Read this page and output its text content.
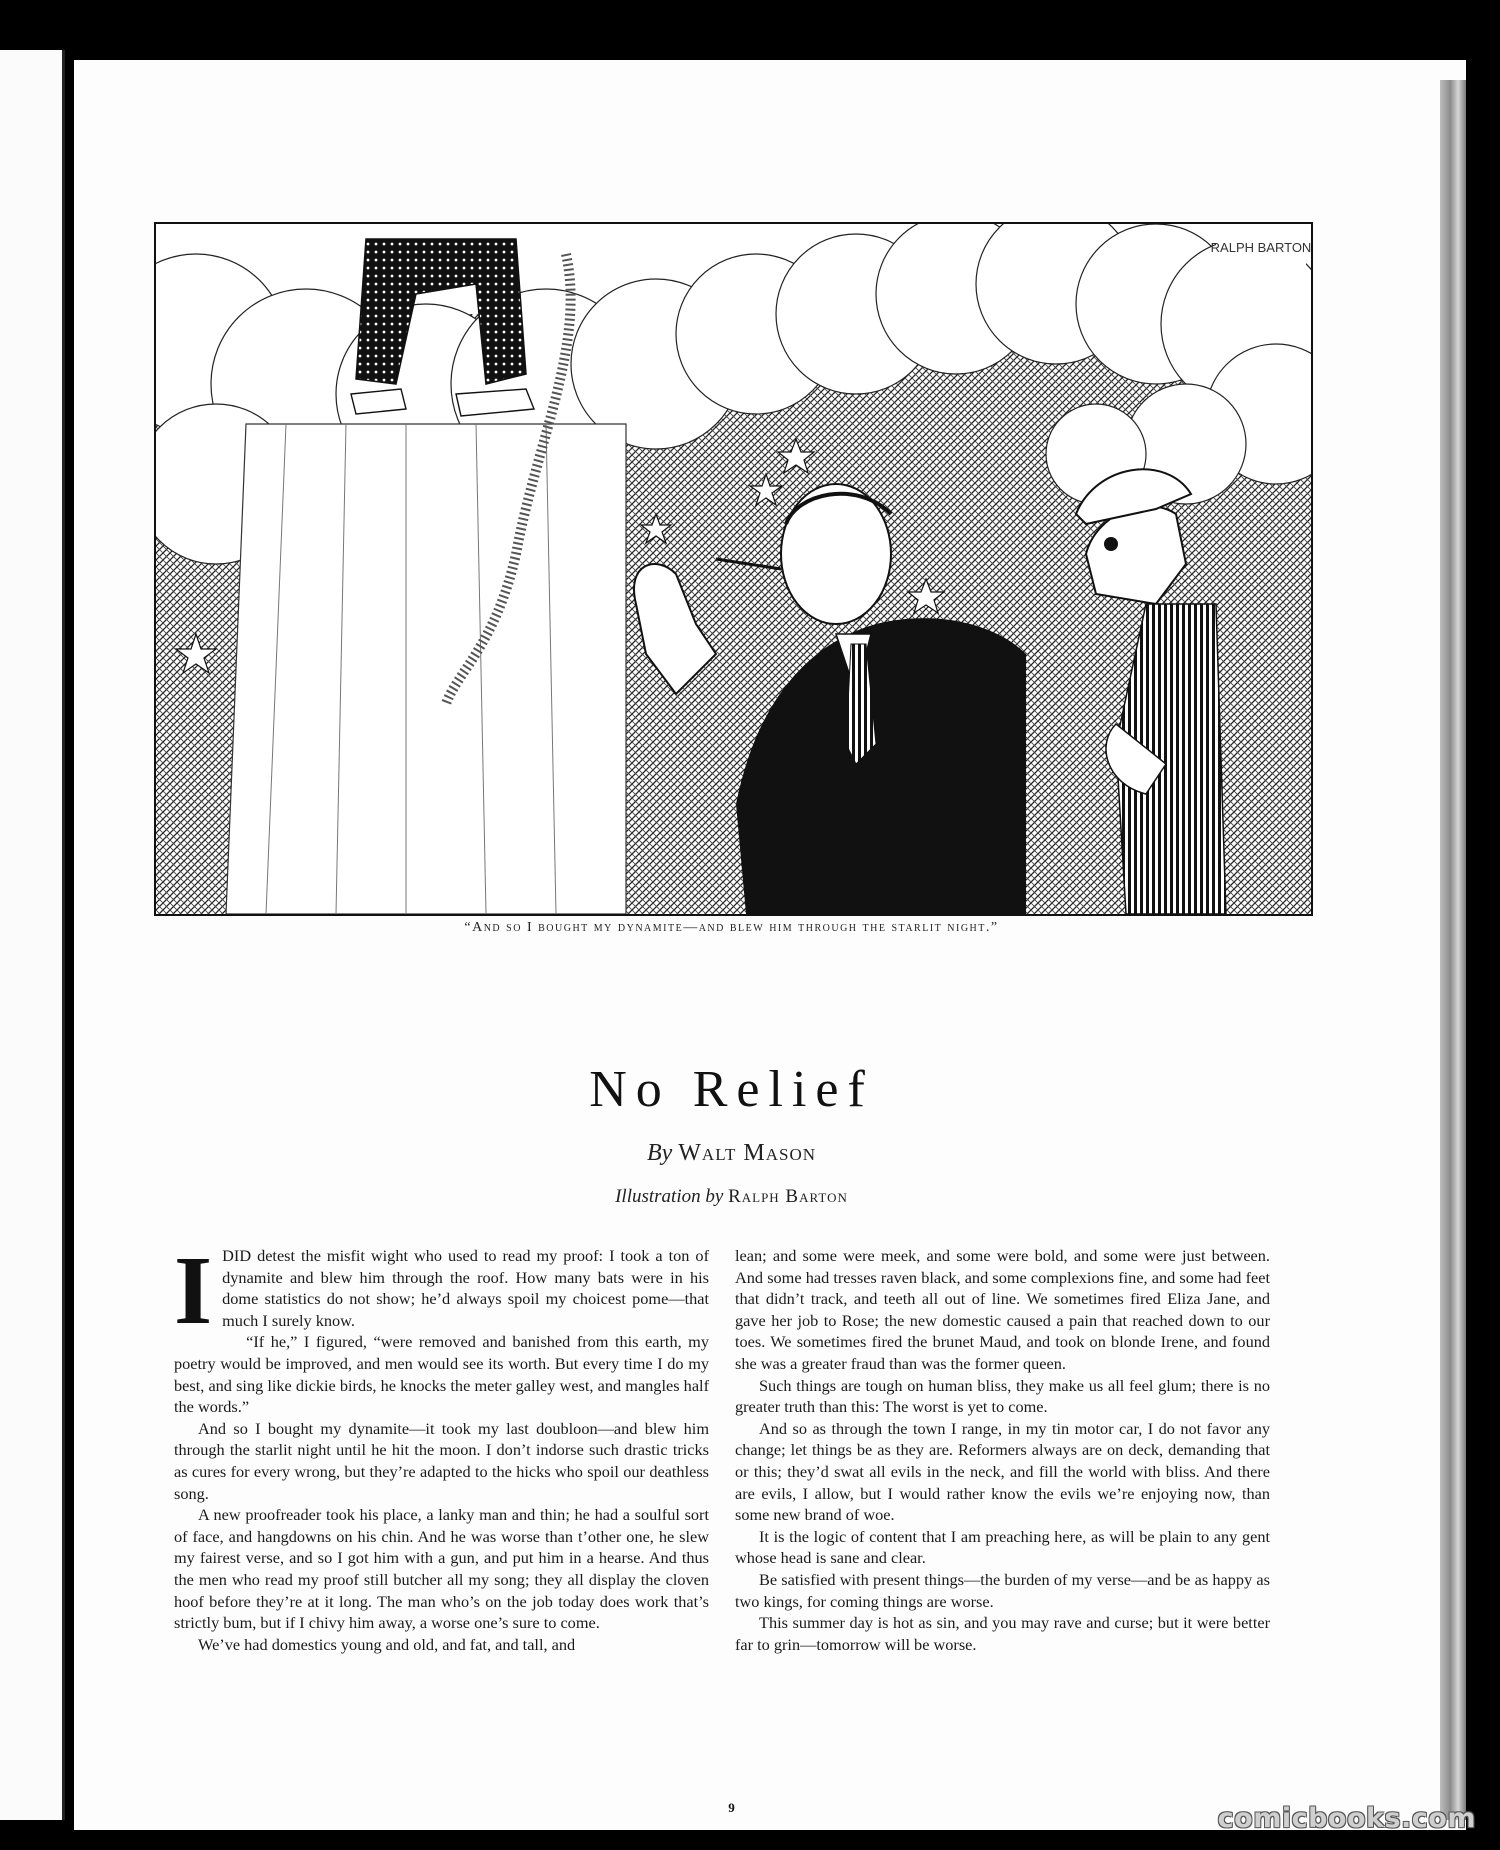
RALPH BARTON
“And so I bought my dynamite—and blew him through the starlit night.”
No Relief
By Walt Mason
Illustration by Ralph Barton

I DID detest the misfit wight who used to read my proof: I took a ton of dynamite and blew him through the roof. How many bats were in his dome statistics do not show; he’d always spoil my choicest pome—that much I surely know.

“If he,” I figured, “were removed and banished from this earth, my poetry would be improved, and men would see its worth. But every time I do my best, and sing like dickie birds, he knocks the meter galley west, and mangles half the words.”

And so I bought my dynamite—it took my last doubloon—and blew him through the starlit night until he hit the moon. I don’t indorse such drastic tricks as cures for every wrong, but they’re adapted to the hicks who spoil our deathless song.

A new proofreader took his place, a lanky man and thin; he had a soulful sort of face, and hangdowns on his chin. And he was worse than t’other one, he slew my fairest verse, and so I got him with a gun, and put him in a hearse. And thus the men who read my proof still butcher all my song; they all display the cloven hoof before they’re at it long. The man who’s on the job today does work that’s strictly bum, but if I chivy him away, a worse one’s sure to come.

We’ve had domestics young and old, and fat, and tall, and

lean; and some were meek, and some were bold, and some were just between. And some had tresses raven black, and some complexions fine, and some had feet that didn’t track, and teeth all out of line. We sometimes fired Eliza Jane, and gave her job to Rose; the new domestic caused a pain that reached down to our toes. We sometimes fired the brunet Maud, and took on blonde Irene, and found she was a greater fraud than was the former queen.

Such things are tough on human bliss, they make us all feel glum; there is no greater truth than this: The worst is yet to come.

And so as through the town I range, in my tin motor car, I do not favor any change; let things be as they are. Reformers always are on deck, demanding that or this; they’d swat all evils in the neck, and fill the world with bliss. And there are evils, I allow, but I would rather know the evils we’re enjoying now, than some new brand of woe.

It is the logic of content that I am preaching here, as will be plain to any gent whose head is sane and clear.

Be satisfied with present things—the burden of my verse—and be as happy as two kings, for coming things are worse.

This summer day is hot as sin, and you may rave and curse; but it were better far to grin—tomorrow will be worse.

9	comicbooks.com
